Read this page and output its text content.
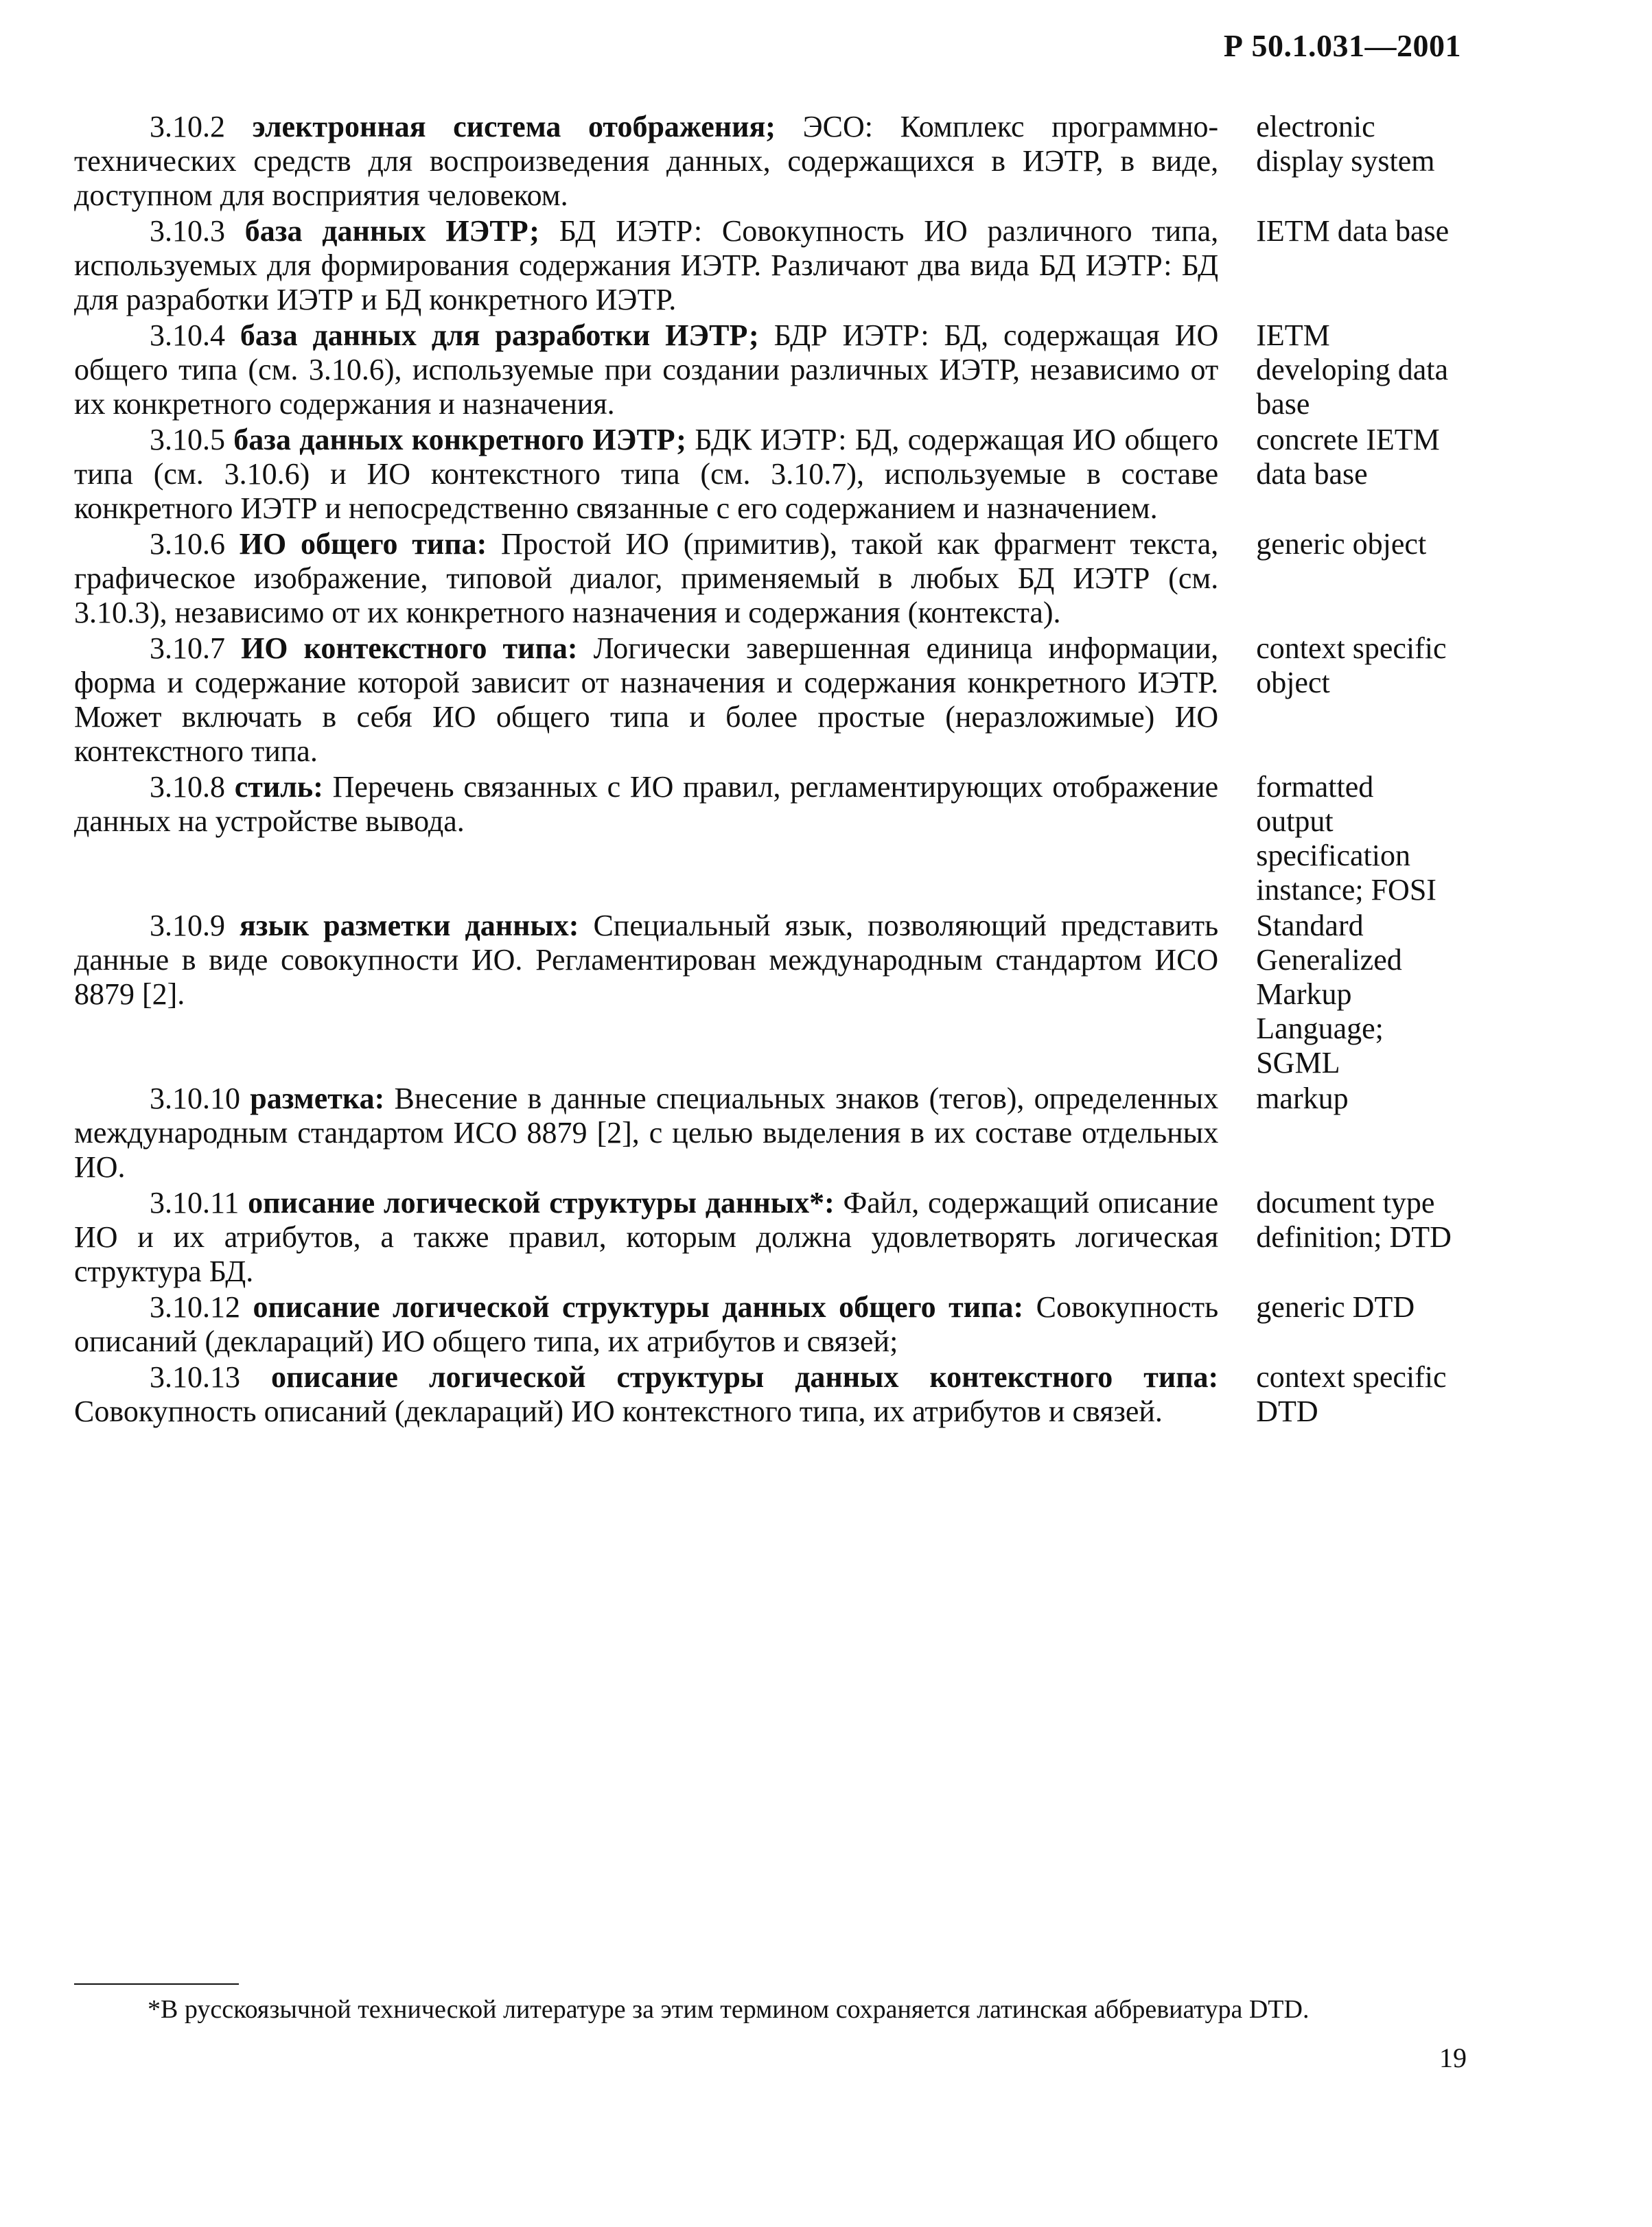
Р 50.1.031—2001

3.10.2 электронная система отображения; ЭСО: Комплекс программно-технических средств для воспроизведения данных, содержащихся в ИЭТР, в виде, доступном для восприятия человеком.

electronic display system

3.10.3 база данных ИЭТР; БД ИЭТР: Совокупность ИО различного типа, используемых для формирования содержания ИЭТР. Различают два вида БД ИЭТР: БД для разработки ИЭТР и БД конкретного ИЭТР.

IETM data base

3.10.4 база данных для разработки ИЭТР; БДР ИЭТР: БД, содержащая ИО общего типа (см. 3.10.6), используемые при создании различных ИЭТР, независимо от их конкретного содержания и назначения.

IETM developing data base

3.10.5 база данных конкретного ИЭТР; БДК ИЭТР: БД, содержащая ИО общего типа (см. 3.10.6) и ИО контекстного типа (см. 3.10.7), используемые в составе конкретного ИЭТР и непосредственно связанные с его содержанием и назначением.

concrete IETM data base

3.10.6 ИО общего типа: Простой ИО (примитив), такой как фрагмент текста, графическое изображение, типовой диалог, применяемый в любых БД ИЭТР (см. 3.10.3), независимо от их конкретного назначения и содержания (контекста).

generic object

3.10.7 ИО контекстного типа: Логически завершенная единица информации, форма и содержание которой зависит от назначения и содержания конкретного ИЭТР. Может включать в себя ИО общего типа и более простые (неразложимые) ИО контекстного типа.

context specific object

3.10.8 стиль: Перечень связанных с ИО правил, регламентирующих отображение данных на устройстве вывода.

formatted output specification instance; FOSI

3.10.9 язык разметки данных: Специальный язык, позволяющий представить данные в виде совокупности ИО. Регламентирован международным стандартом ИСО 8879 [2].

Standard Generalized Markup Language; SGML

3.10.10 разметка: Внесение в данные специальных знаков (тегов), определенных международным стандартом ИСО 8879 [2], с целью выделения в их составе отдельных ИО.

markup

3.10.11 описание логической структуры данных*: Файл, содержащий описание ИО и их атрибутов, а также правил, которым должна удовлетворять логическая структура БД.

document type definition; DTD

3.10.12 описание логической структуры данных общего типа: Совокупность описаний (деклараций) ИО общего типа, их атрибутов и связей;

generic DTD

3.10.13 описание логической структуры данных контекстного типа: Совокупность описаний (деклараций) ИО контекстного типа, их атрибутов и связей.

context specific DTD
*В русскоязычной технической литературе за этим термином сохраняется латинская аббревиатура DTD.
19
